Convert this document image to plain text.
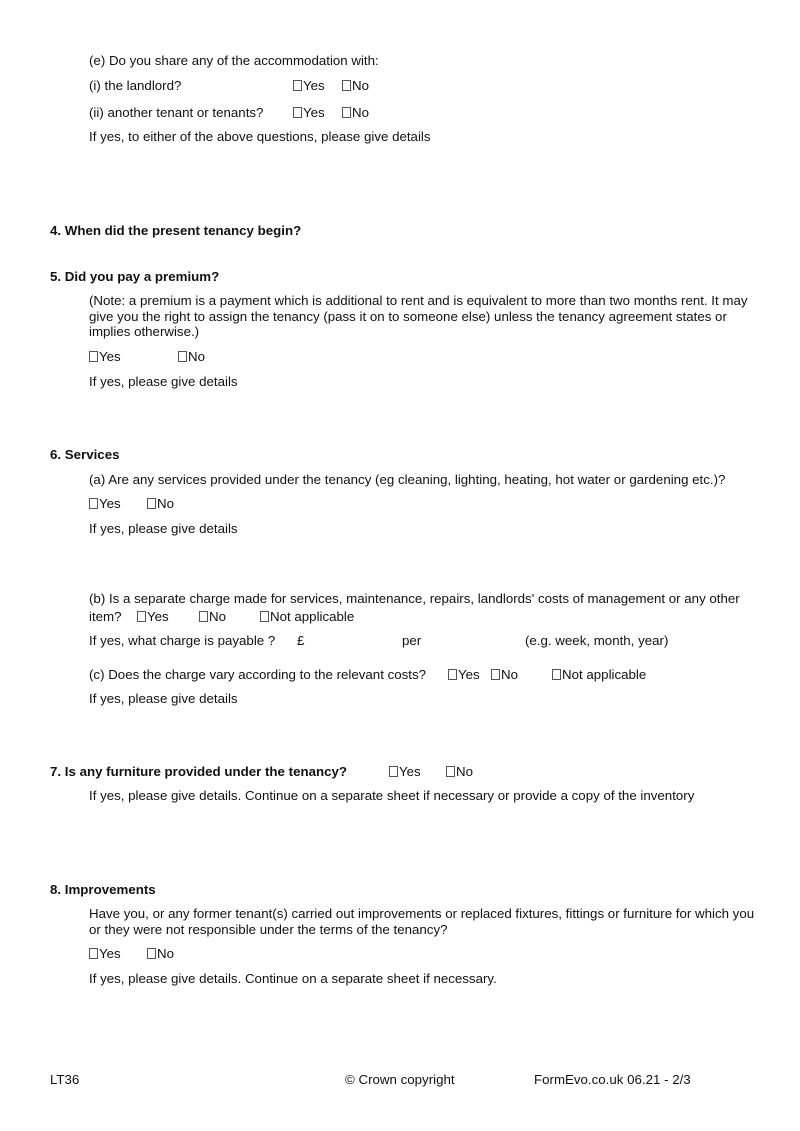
(e) Do you share any of the accommodation with:
(i) the landlord?	Yes	No
(ii) another tenant or tenants?	Yes	No
If yes, to either of the above questions, please give details
4. When did the present tenancy begin?
5. Did you pay a premium?
(Note: a premium is a payment which is additional to rent and is equivalent to more than two months rent. It may give you the right to assign the tenancy (pass it on to someone else) unless the tenancy agreement states or implies otherwise.)
Yes	No
If yes, please give details
6. Services
(a) Are any services provided under the tenancy (eg cleaning, lighting, heating, hot water or gardening etc.)?
Yes	No
If yes, please give details
(b) Is a separate charge made for services, maintenance, repairs, landlords' costs of management or any other
item?	Yes	No	Not applicable
If yes, what charge is payable ? £	per	(e.g. week, month, year)
(c) Does the charge vary according to the relevant costs?	Yes	No	Not applicable
If yes, please give details
7. Is any furniture provided under the tenancy?	Yes	No
If yes, please give details. Continue on a separate sheet if necessary or provide a copy of the inventory
8. Improvements
Have you, or any former tenant(s) carried out improvements or replaced fixtures, fittings or furniture for which you or they were not responsible under the terms of the tenancy?
Yes	No
If yes, please give details. Continue on a separate sheet if necessary.
LT36	© Crown copyright	FormEvo.co.uk 06.21 - 2/3
